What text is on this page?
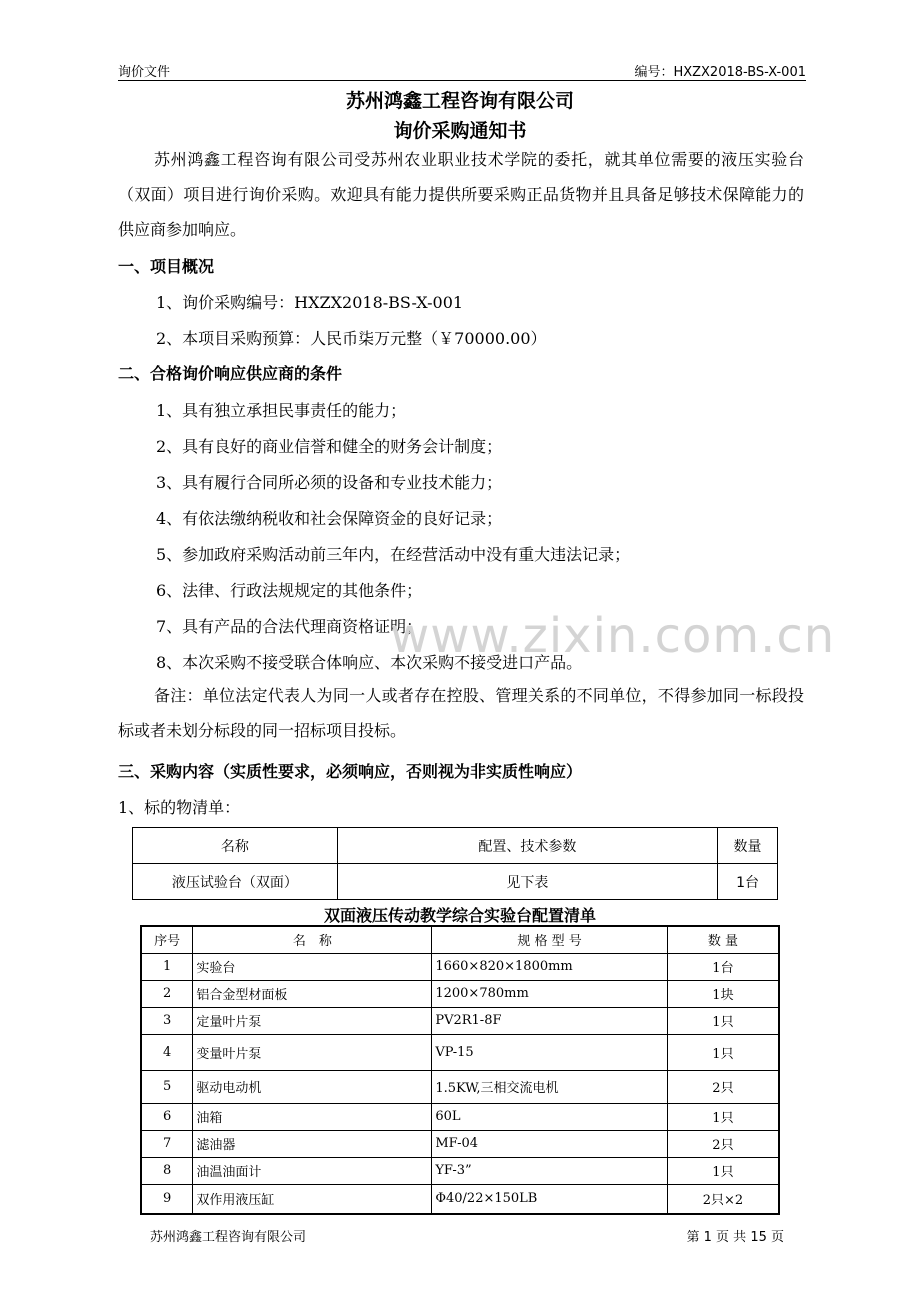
询价文件	编号：HXZX2018-BS-X-001
苏州鸿鑫工程咨询有限公司
询价采购通知书
苏州鸿鑫工程咨询有限公司受苏州农业职业技术学院的委托，就其单位需要的液压实验台（双面）项目进行询价采购。欢迎具有能力提供所要采购正品货物并且具备足够技术保障能力的供应商参加响应。
一、项目概况
1、询价采购编号：HXZX2018-BS-X-001
2、本项目采购预算：人民币柒万元整（￥70000.00）
二、合格询价响应供应商的条件
1、具有独立承担民事责任的能力；
2、具有良好的商业信誉和健全的财务会计制度；
3、具有履行合同所必须的设备和专业技术能力；
4、有依法缴纳税收和社会保障资金的良好记录；
5、参加政府采购活动前三年内，在经营活动中没有重大违法记录；
6、法律、行政法规规定的其他条件；
7、具有产品的合法代理商资格证明；
8、本次采购不接受联合体响应、本次采购不接受进口产品。
www.zixin.com.cn
备注：单位法定代表人为同一人或者存在控股、管理关系的不同单位，不得参加同一标段投标或者未划分标段的同一招标项目投标。
三、采购内容（实质性要求，必须响应，否则视为非实质性响应）
1、标的物清单：
名称	配置、技术参数	数量
液压试验台（双面）	见下表	1台
双面液压传动教学综合实验台配置清单
序号	名　称	规 格 型 号	数 量
1	实验台	1660×820×1800mm	1台
2	铝合金型材面板	1200×780mm	1块
3	定量叶片泵	PV2R1-8F	1只
4	变量叶片泵	VP-15	1只
5	驱动电动机	1.5KW,三相交流电机	2只
6	油箱	60L	1只
7	滤油器	MF-04	2只
8	油温油面计	YF-3”	1只
9	双作用液压缸	Φ40/22×150LB	2只×2
苏州鸿鑫工程咨询有限公司	第 1 页 共 15 页
